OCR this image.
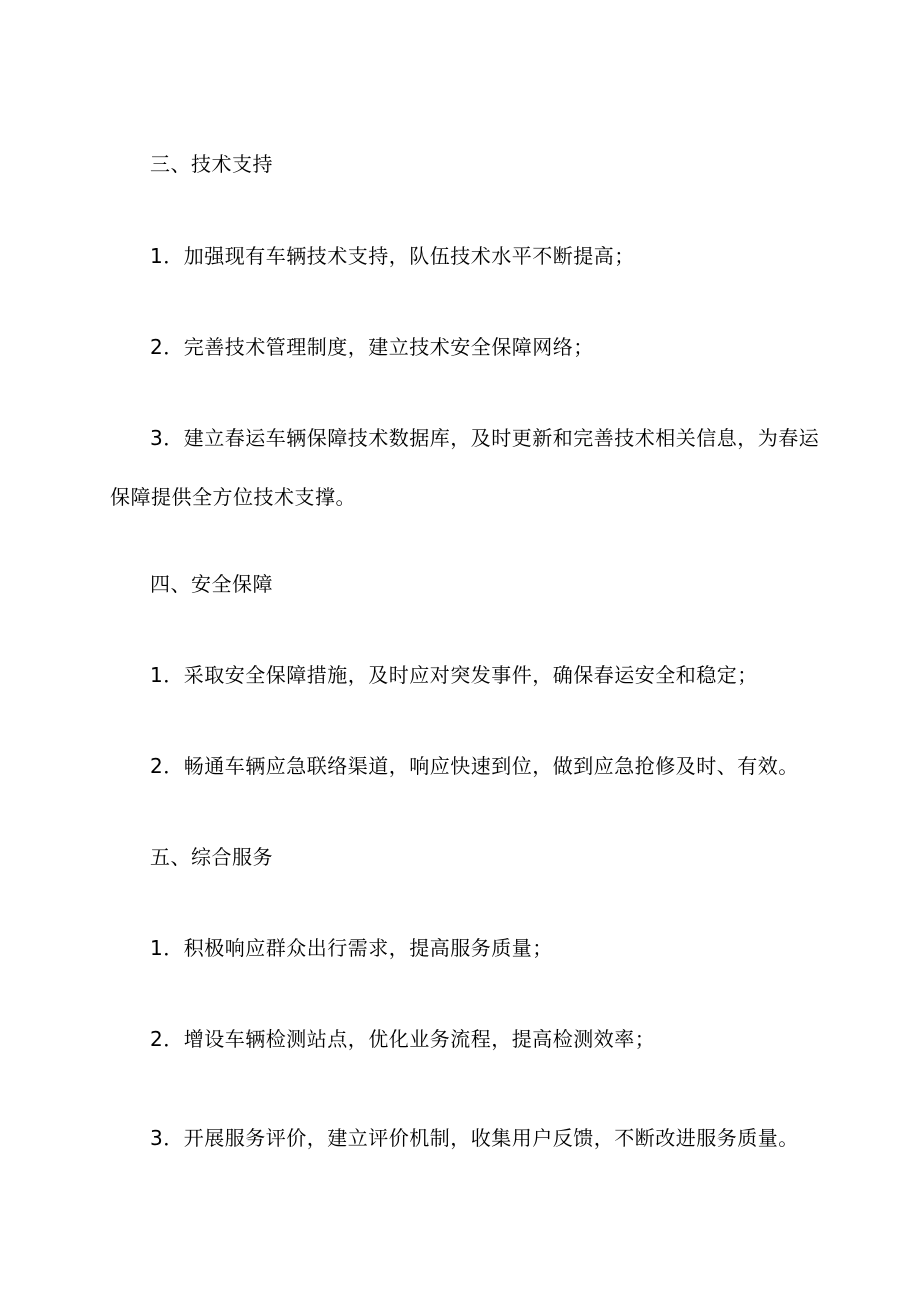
三、技术支持
1．加强现有车辆技术支持，队伍技术水平不断提高；
2．完善技术管理制度，建立技术安全保障网络；
3．建立春运车辆保障技术数据库，及时更新和完善技术相关信息，为春运
保障提供全方位技术支撑。
四、安全保障
1．采取安全保障措施，及时应对突发事件，确保春运安全和稳定；
2．畅通车辆应急联络渠道，响应快速到位，做到应急抢修及时、有效。
五、综合服务
1．积极响应群众出行需求，提高服务质量；
2．增设车辆检测站点，优化业务流程，提高检测效率；
3．开展服务评价，建立评价机制，收集用户反馈，不断改进服务质量。
